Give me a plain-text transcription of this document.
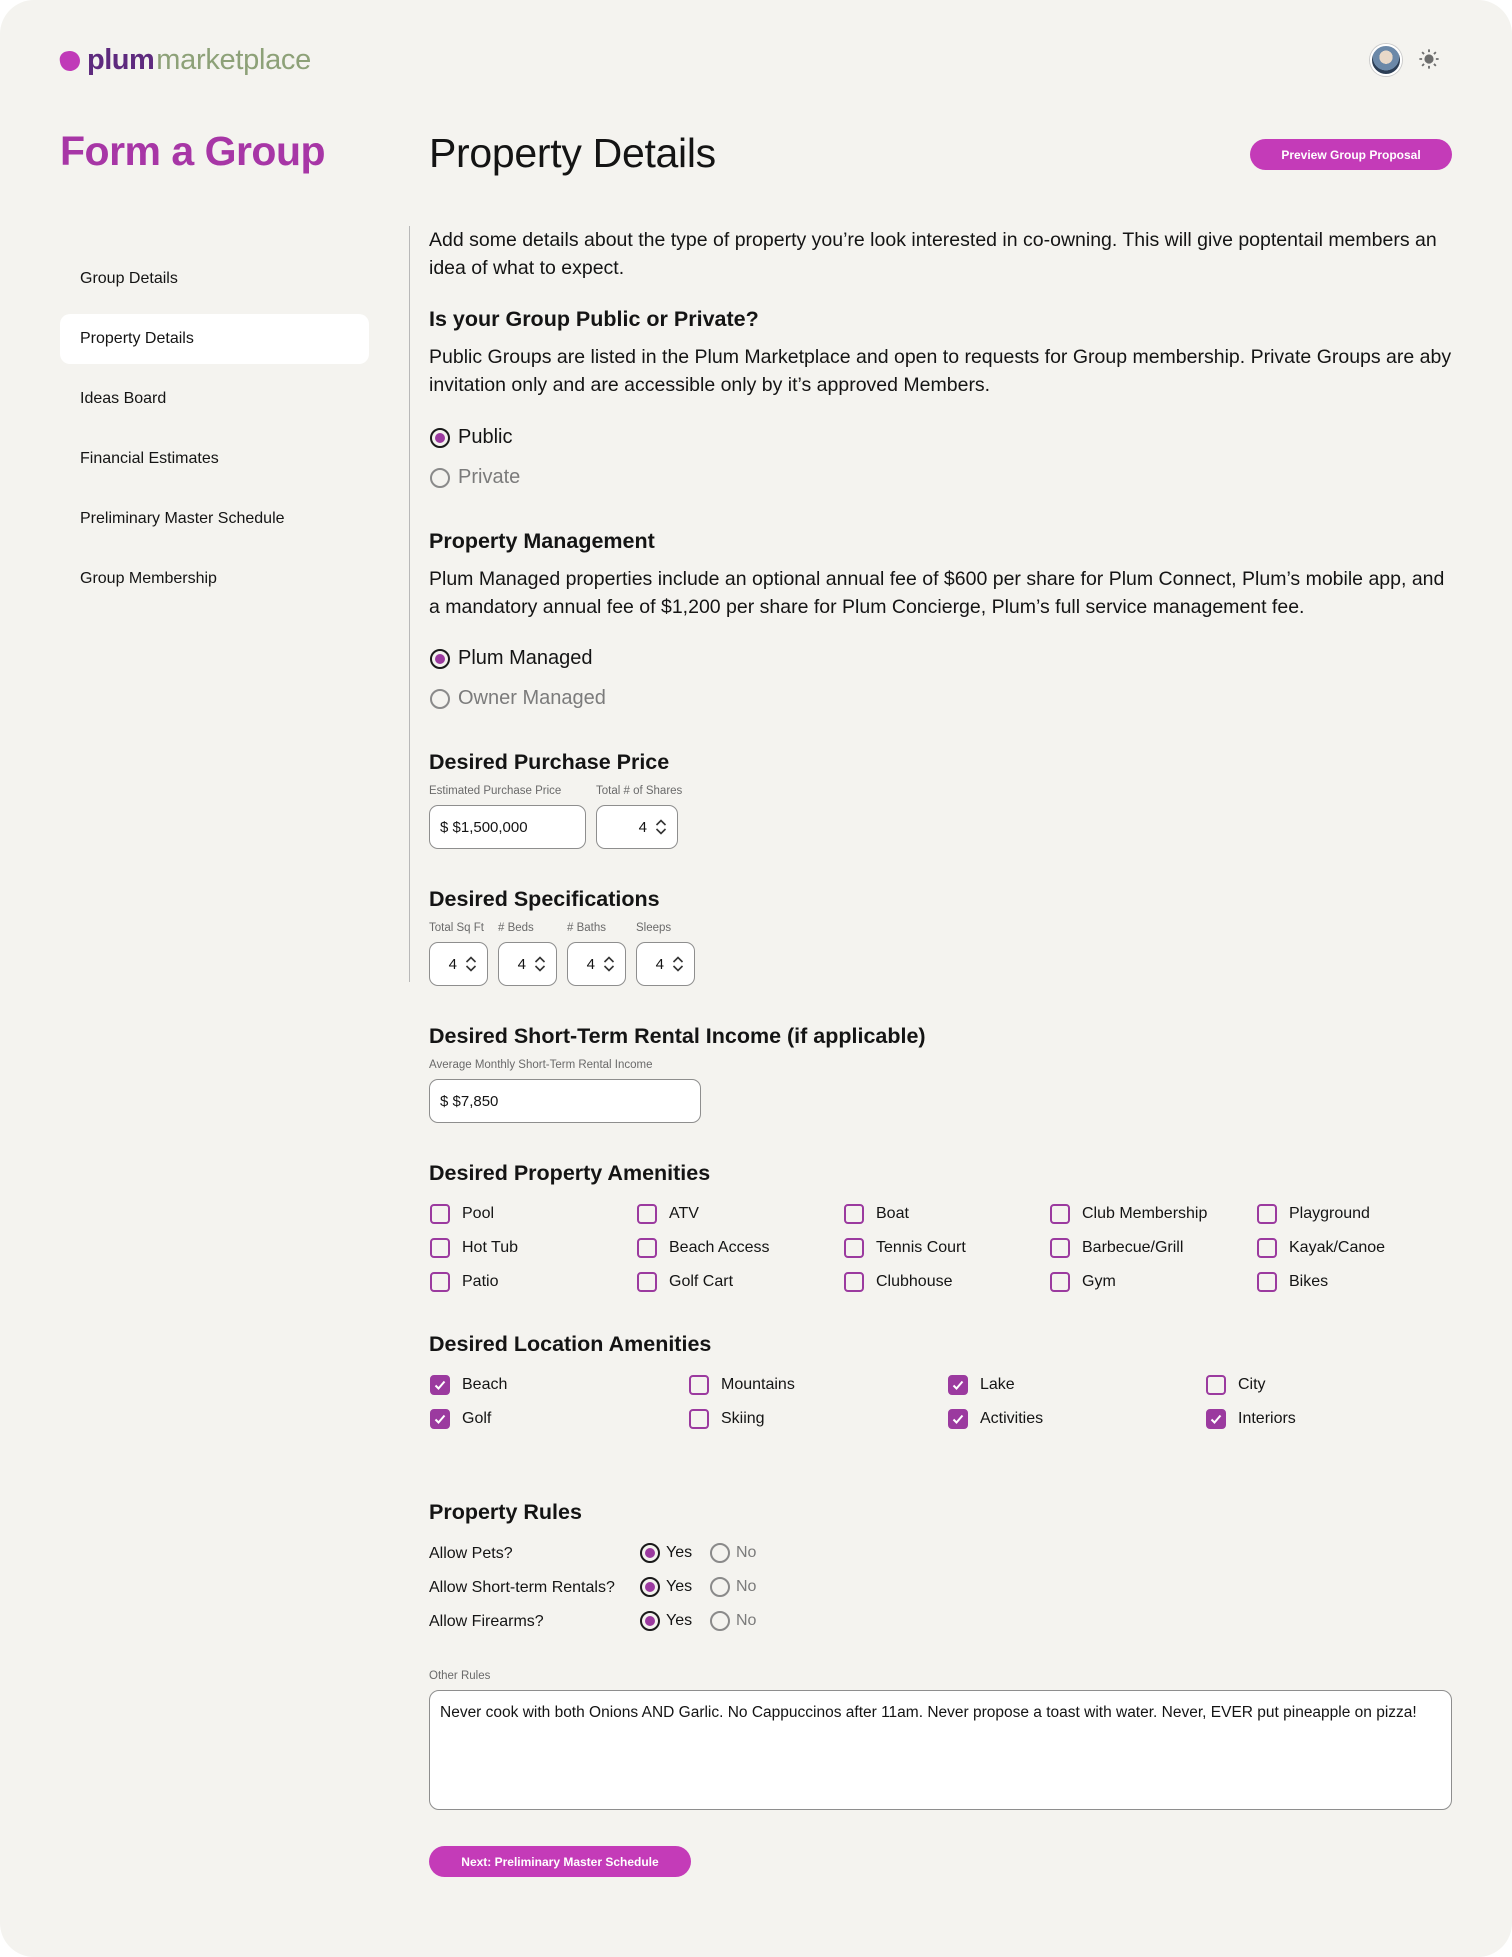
plum marketplace
Form a Group
Group Details
Property Details
Ideas Board
Financial Estimates
Preliminary Master Schedule
Group Membership
Property Details	Preview Group Proposal
Add some details about the type of property you’re look interested in co-owning. This will give poptentail members an idea of what to expect.
Is your Group Public or Private?
Public Groups are listed in the Plum Marketplace and open to requests for Group membership. Private Groups are aby invitation only and are accessible only by it’s approved Members.
Public
Private
Property Management
Plum Managed properties include an optional annual fee of $600 per share for Plum Connect, Plum’s mobile app, and a mandatory annual fee of $1,200 per share for Plum Concierge, Plum’s full service management fee.
Plum Managed
Owner Managed
Desired Purchase Price
Estimated Purchase Price
$ $1,500,000
Total # of Shares
4
Desired Specifications
Total Sq Ft
4
# Beds
4
# Baths
4
Sleeps
4
Desired Short-Term Rental Income (if applicable)
Average Monthly Short-Term Rental Income
$ $7,850
Desired Property Amenities
Pool	ATV	Boat	Club Membership	Playground
Hot Tub	Beach Access	Tennis Court	Barbecue/Grill	Kayak/Canoe
Patio	Golf Cart	Clubhouse	Gym	Bikes
Desired Location Amenities
Beach	Mountains	Lake	City
Golf	Skiing	Activities	Interiors
Property Rules
Allow Pets?	Yes	No
Allow Short-term Rentals?	Yes	No
Allow Firearms?	Yes	No
Other Rules
Never cook with both Onions AND Garlic. No Cappuccinos after 11am. Never propose a toast with water. Never, EVER put pineapple on pizza!
Next: Preliminary Master Schedule
